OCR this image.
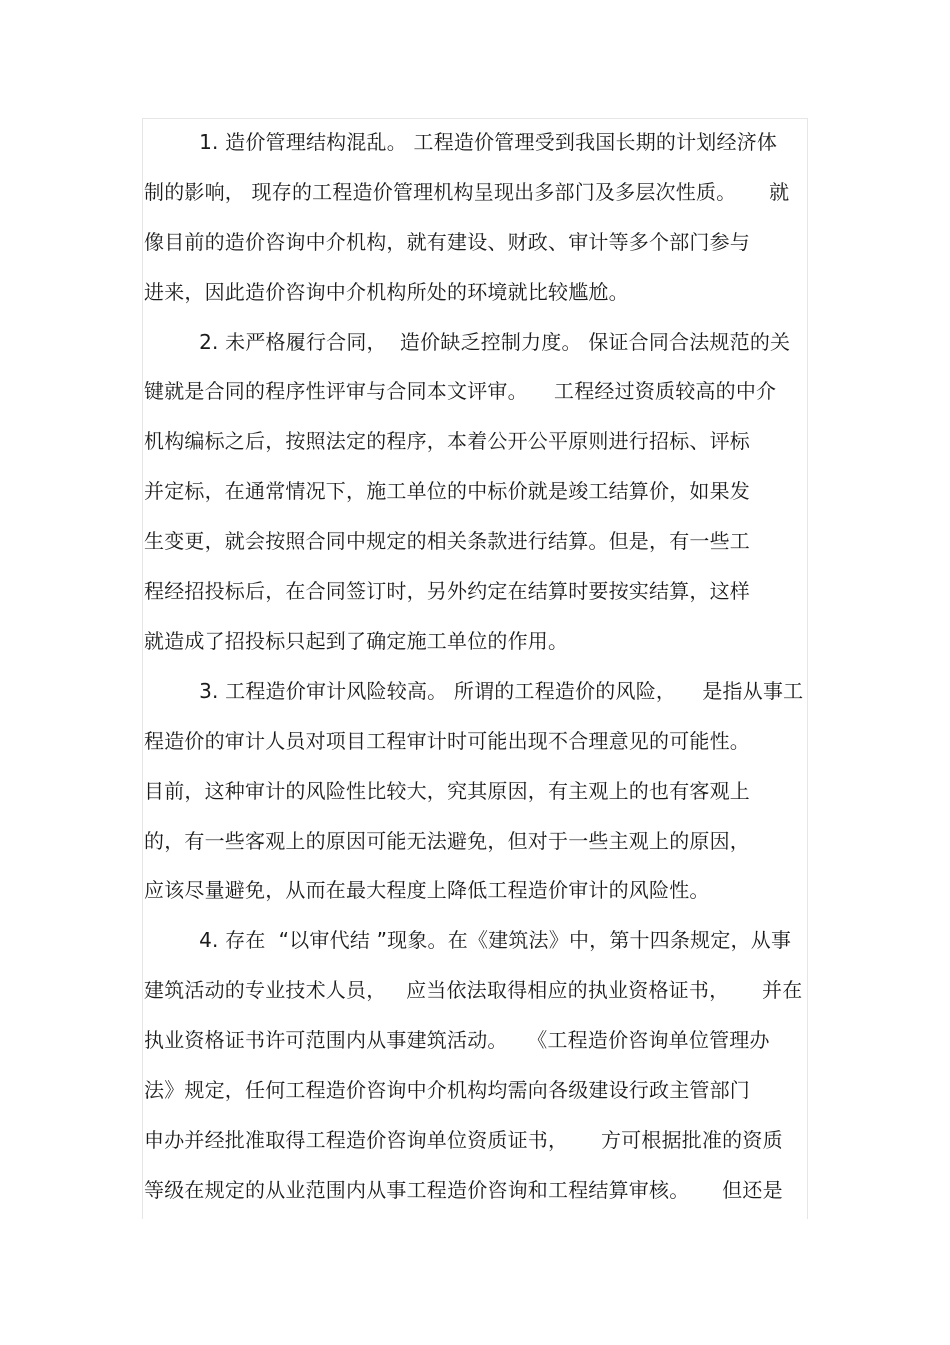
1. 造价管理结构混乱。 工程造价管理受到我国长期的计划经济体
制的影响， 现存的工程造价管理机构呈现出多部门及多层次性质。     就
像目前的造价咨询中介机构，就有建设、财政、审计等多个部门参与
进来，因此造价咨询中介机构所处的环境就比较尴尬。
2. 未严格履行合同，  造价缺乏控制力度。 保证合同合法规范的关
键就是合同的程序性评审与合同本文评审。    工程经过资质较高的中介
机构编标之后，按照法定的程序，本着公开公平原则进行招标、评标
并定标，在通常情况下，施工单位的中标价就是竣工结算价，如果发
生变更，就会按照合同中规定的相关条款进行结算。但是，有一些工
程经招投标后，在合同签订时，另外约定在结算时要按实结算，这样
就造成了招投标只起到了确定施工单位的作用。
3. 工程造价审计风险较高。 所谓的工程造价的风险，    是指从事工
程造价的审计人员对项目工程审计时可能出现不合理意见的可能性。
目前，这种审计的风险性比较大，究其原因，有主观上的也有客观上
的，有一些客观上的原因可能无法避免，但对于一些主观上的原因，
应该尽量避免，从而在最大程度上降低工程造价审计的风险性。
4. 存在  “以审代结 ”现象。在《建筑法》中，第十四条规定，从事
建筑活动的专业技术人员，   应当依法取得相应的执业资格证书，     并在
执业资格证书许可范围内从事建筑活动。   《工程造价咨询单位管理办
法》规定，任何工程造价咨询中介机构均需向各级建设行政主管部门
申办并经批准取得工程造价咨询单位资质证书，     方可根据批准的资质
等级在规定的从业范围内从事工程造价咨询和工程结算审核。     但还是
